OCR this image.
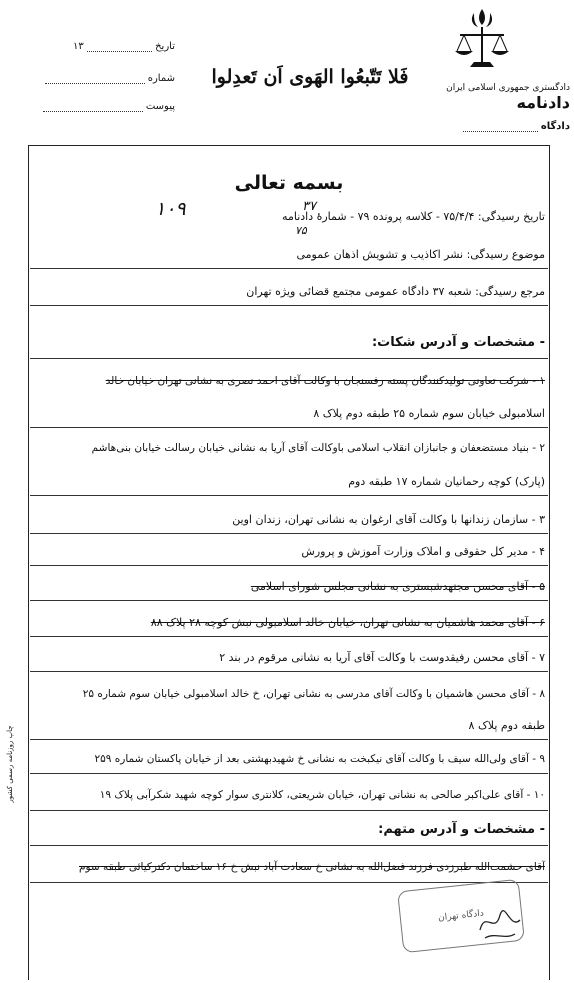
دادگستری جمهوری اسلامی ایران
دادنامه
دادگاه
فَلا تَتّبعُوا الهَوی اَن تَعدِلوا
تاریخ  ۱۳
شماره
پیوست
بسمه تعالی
تاریخ رسیدگی: ۷۵/۴/۴ - کلاسه پرونده ۷۹ - شمارهٔ دادنامه
۳۷
۷۵
۱۰۹
موضوع رسیدگی: نشر اکاذیب و تشویش اذهان عمومی
مرجع رسیدگی: شعبه ۳۷ دادگاه عمومی مجتمع قضائی ویژه تهران
- مشخصات و آدرس شکات:
۱ - شرکت تعاونی تولیدکنندگان پسته رفسنجان با وکالت آقای احمد نصری به نشانی تهران خیابان خالد
اسلامبولی خیابان سوم شماره ۲۵ طبقه دوم پلاک ۸
۲ - بنیاد مستضعفان و جانبازان انقلاب اسلامی باوکالت آقای آریا به نشانی خیابان رسالت خیابان بنی‌هاشم
(پارک) کوچه رحمانیان شماره ۱۷ طبقه دوم
۳ - سازمان زندانها با وکالت آقای ارغوان به نشانی تهران، زندان اوین
۴ - مدیر کل حقوقی و املاک وزارت آموزش و پرورش
۵ - آقای محسن مجتهدشبستری به نشانی مجلس شورای اسلامی
۶ - آقای محمد هاشمیان به نشانی تهران، خیابان خالد اسلامبولی نبش کوچه ۲۸ پلاک ۸۸
۷ - آقای محسن رفیقدوست با وکالت آقای آریا به نشانی مرقوم در بند ۲
۸ - آقای محسن هاشمیان با وکالت آقای مدرسی به نشانی تهران، خ خالد اسلامبولی خیابان سوم شماره ۲۵
طبقه دوم پلاک ۸
۹ - آقای ولی‌الله سیف با وکالت آقای نیکبخت به نشانی خ شهیدبهشتی بعد از خیابان پاکستان شماره ۲۵۹
۱۰ - آقای علی‌اکبر صالحی به نشانی تهران، خیابان شریعتی، کلانتری سوار کوچه شهید شکرآبی پلاک ۱۹
- مشخصات و آدرس متهم:
آقای حشمت‌الله طبرزدی فرزند فضل‌الله به نشانی خ سعادت آباد نبش خ ۱۶ ساختمان دکترکیائی طبقه سوم
دادگاه تهران
چاپ روزنامه رسمی کشور
